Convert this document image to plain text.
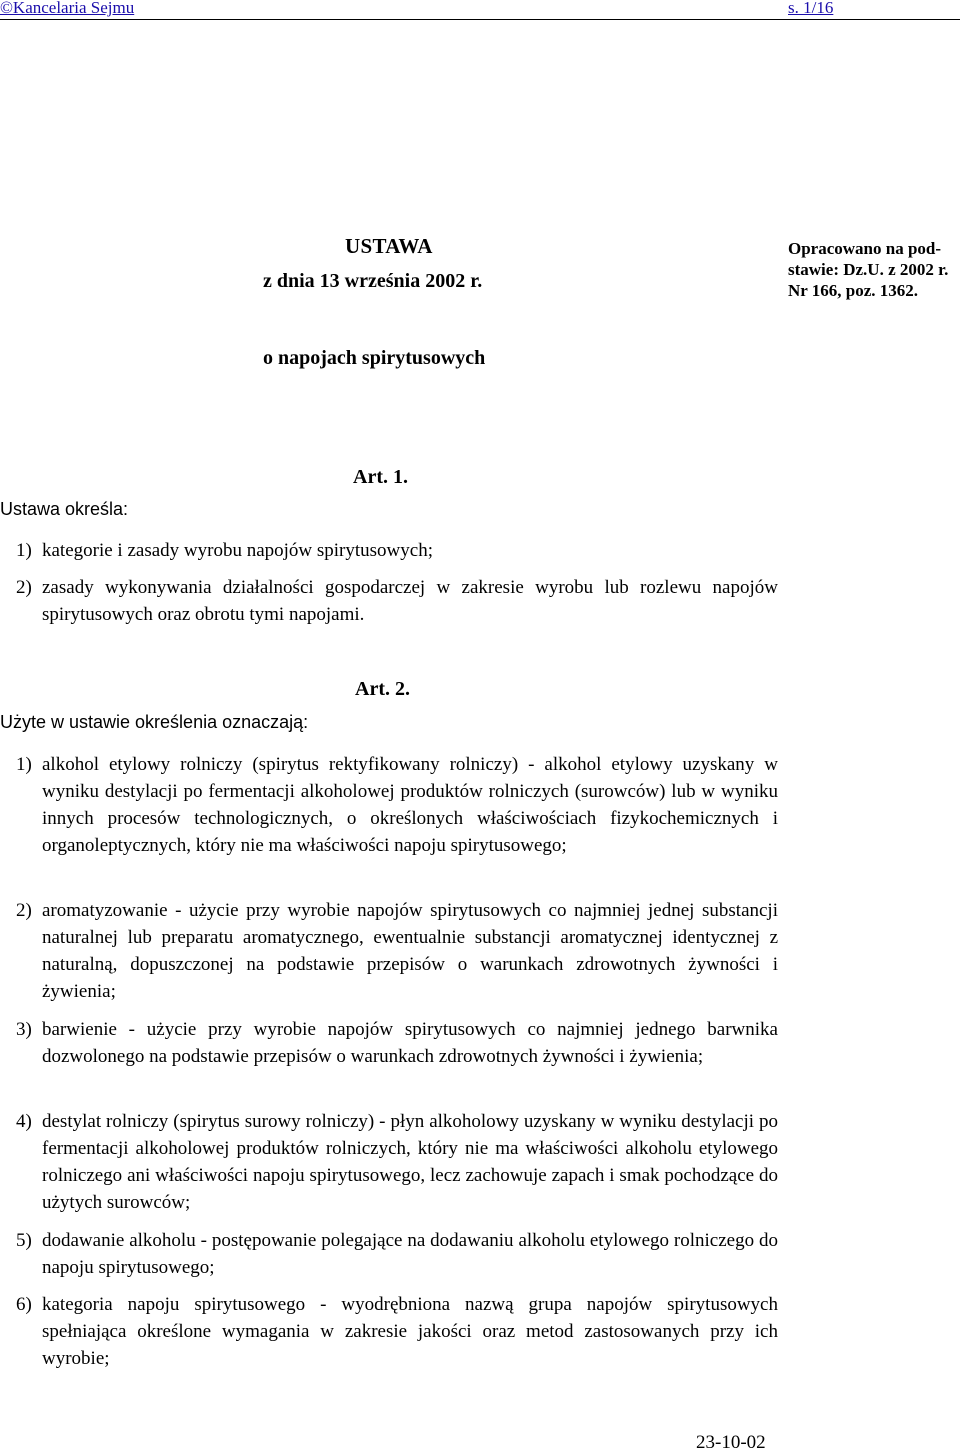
©Kancelaria Sejmu	s. 1/16
USTAWA
z dnia 13 września 2002 r.
Opracowano na pod-stawie: Dz.U. z 2002 r. Nr 166, poz. 1362.
o napojach spirytusowych
Art. 1.
Ustawa określa:
1) kategorie i zasady wyrobu napojów spirytusowych;
2) zasady wykonywania działalności gospodarczej w zakresie wyrobu lub rozlewu napojów spirytusowych oraz obrotu tymi napojami.
Art. 2.
Użyte w ustawie określenia oznaczają:
1) alkohol etylowy rolniczy (spirytus rektyfikowany rolniczy) - alkohol etylowy uzyskany w wyniku destylacji po fermentacji alkoholowej produktów rolniczych (surowców) lub w wyniku innych procesów technologicznych, o określonych właściwościach fizykochemicznych i organoleptycznych, który nie ma właściwości napoju spirytusowego;
2) aromatyzowanie - użycie przy wyrobie napojów spirytusowych co najmniej jednej substancji naturalnej lub preparatu aromatycznego, ewentualnie substancji aromatycznej identycznej z naturalną, dopuszczonej na podstawie przepisów o warunkach zdrowotnych żywności i żywienia;
3) barwienie - użycie przy wyrobie napojów spirytusowych co najmniej jednego barwnika dozwolonego na podstawie przepisów o warunkach zdrowotnych żywności i żywienia;
4) destylat rolniczy (spirytus surowy rolniczy) - płyn alkoholowy uzyskany w wyniku destylacji po fermentacji alkoholowej produktów rolniczych, który nie ma właściwości alkoholu etylowego rolniczego ani właściwości napoju spirytusowego, lecz zachowuje zapach i smak pochodzące do użytych surowców;
5) dodawanie alkoholu - postępowanie polegające na dodawaniu alkoholu etylowego rolniczego do napoju spirytusowego;
6) kategoria napoju spirytusowego - wyodrębniona nazwą grupa napojów spirytusowych spełniająca określone wymagania w zakresie jakości oraz metod zastosowanych przy ich wyrobie;
23-10-02
